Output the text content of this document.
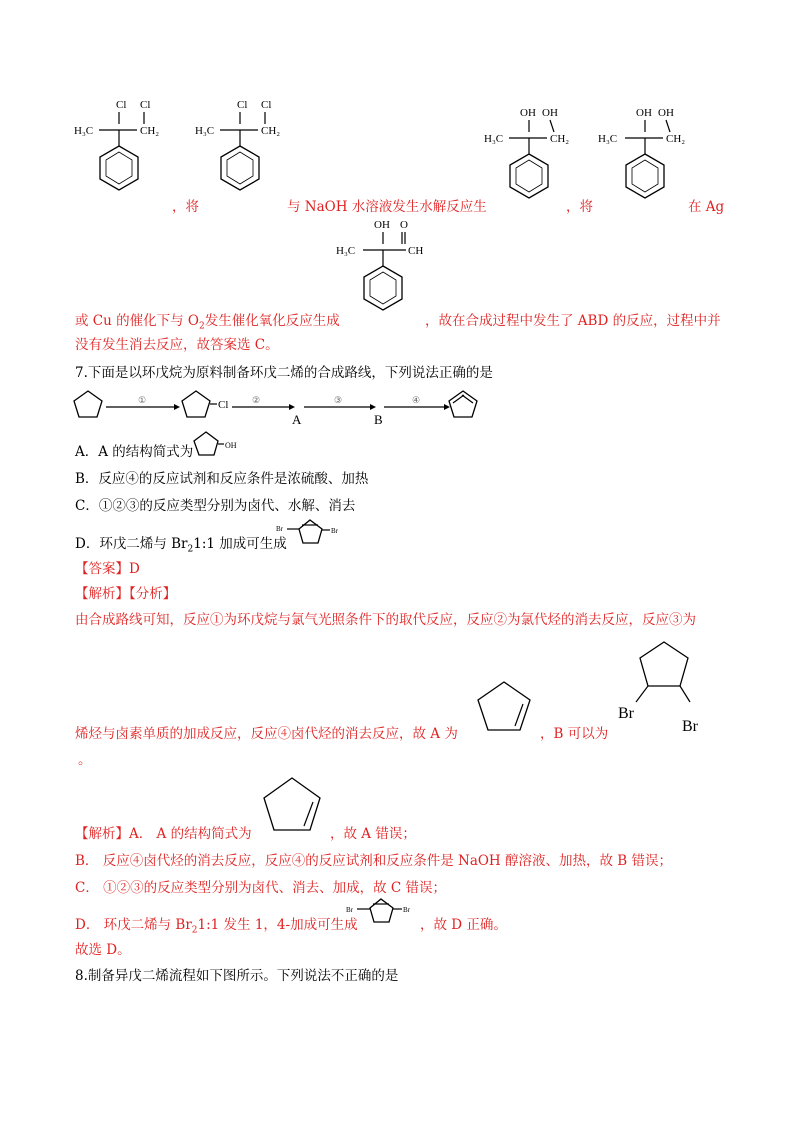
Cl Cl
H₃C	CH₂
，将
Cl Cl
H₃C	CH₂
与 NaOH 水溶液发生水解反应生
OH OH
H₃C	CH₂
，将
OH OH
H₃C	CH₂
在 Ag
OH O
H₃C	CH
或 Cu 的催化下与 $O_2$发生催化氧化反应生成	，故在合成过程中发生了 ABD 的反应，过程中并
没有发生消去反应，故答案选 C。
7.下面是以环戊烷为原料制备环戊二烯的合成路线，下列说法正确的是
①	Cl	②
A
③
B
④
A．A 的结构简式为	OH
B．反应④的反应试剂和反应条件是浓硫酸、加热
C．①②③的反应类型分别为卤代、水解、消去
D．环戊二烯与 $Br_21:1$ 加成可生成
Br	Br
【答案】D
【解析】【分析】
由合成路线可知，反应①为环戊烷与氯气光照条件下的取代反应，反应②为氯代烃的消去反应，反应③为
烯烃与卤素单质的加成反应，反应④卤代烃的消去反应，故 A 为	，B 可以为
Br
Br
。
【解析】A． A 的结构简式为	，故 A 错误；
B． 反应④卤代烃的消去反应，反应④的反应试剂和反应条件是 NaOH 醇溶液、加热，故 B 错误；
C． ①②③的反应类型分别为卤代、消去、加成，故 C 错误；
D． 环戊二烯与 $Br_21:1$ 发生 1，4-加成可生成
Br	Br
，故 D 正确。
故选 D。
8.制备异戊二烯流程如下图所示。下列说法不正确的是
